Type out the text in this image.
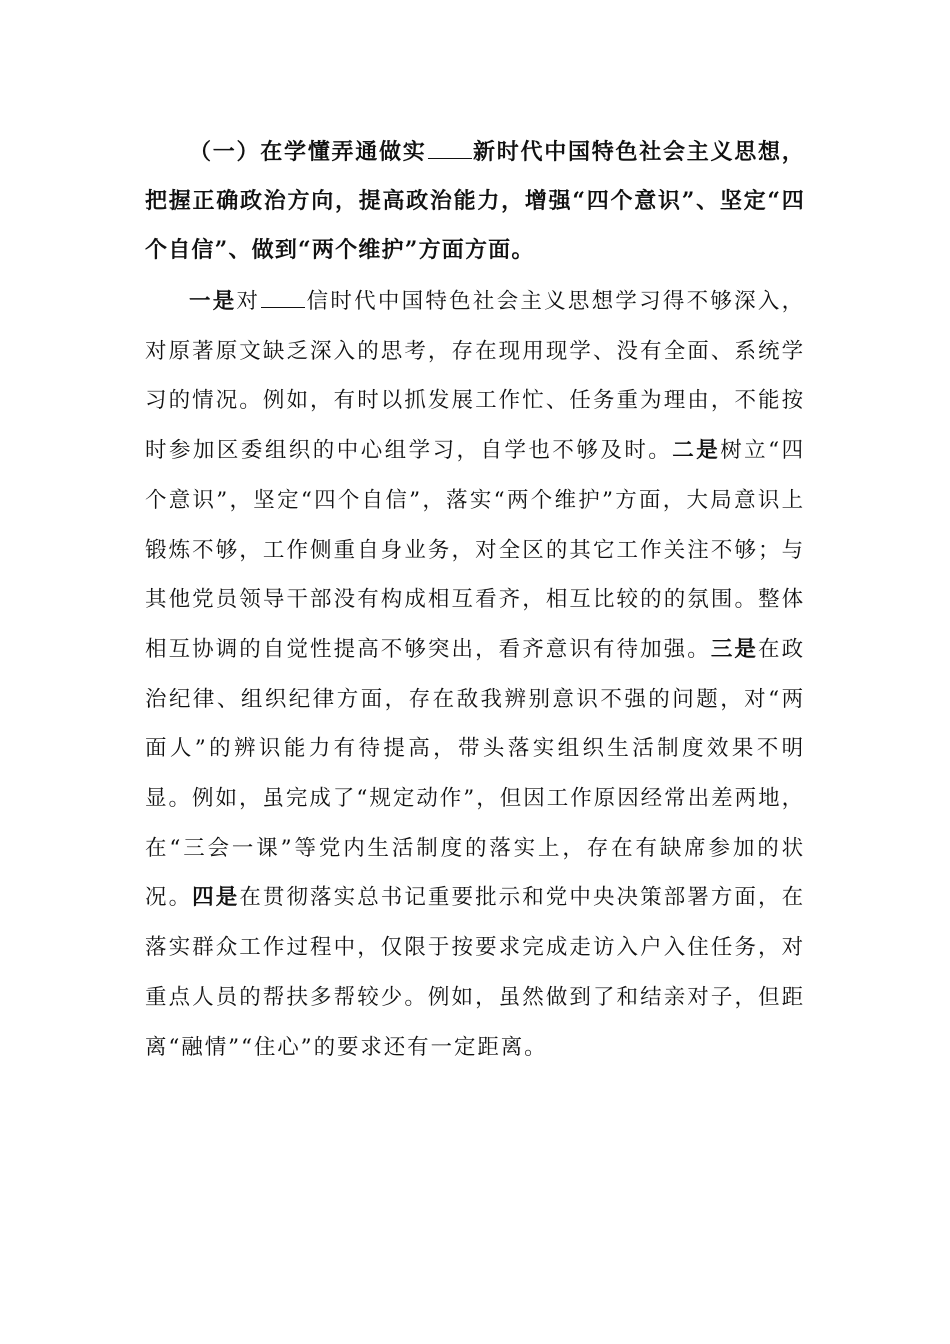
（一）在学懂弄通做实 新时代中国特色社会主义思想，把握正确政治方向，提高政治能力，增强“四个意识”、坚定“四个自信”、做到“两个维护”方面方面。

一是对 信时代中国特色社会主义思想学习得不够深入，对原著原文缺乏深入的思考，存在现用现学、没有全面、系统学习的情况。例如，有时以抓发展工作忙、任务重为理由，不能按时参加区委组织的中心组学习，自学也不够及时。二是树立“四个意识”，坚定“四个自信”，落实“两个维护”方面，大局意识上锻炼不够，工作侧重自身业务，对全区的其它工作关注不够；与其他党员领导干部没有构成相互看齐，相互比较的的氛围。整体相互协调的自觉性提高不够突出，看齐意识有待加强。三是在政治纪律、组织纪律方面，存在敌我辨别意识不强的问题，对“两面人”的辨识能力有待提高，带头落实组织生活制度效果不明显。例如，虽完成了“规定动作”，但因工作原因经常出差两地，在“三会一课”等党内生活制度的落实上，存在有缺席参加的状况。四是在贯彻落实总书记重要批示和党中央决策部署方面，在落实群众工作过程中，仅限于按要求完成走访入户入住任务，对重点人员的帮扶多帮较少。例如，虽然做到了和结亲对子，但距离“融情”“住心”的要求还有一定距离。
